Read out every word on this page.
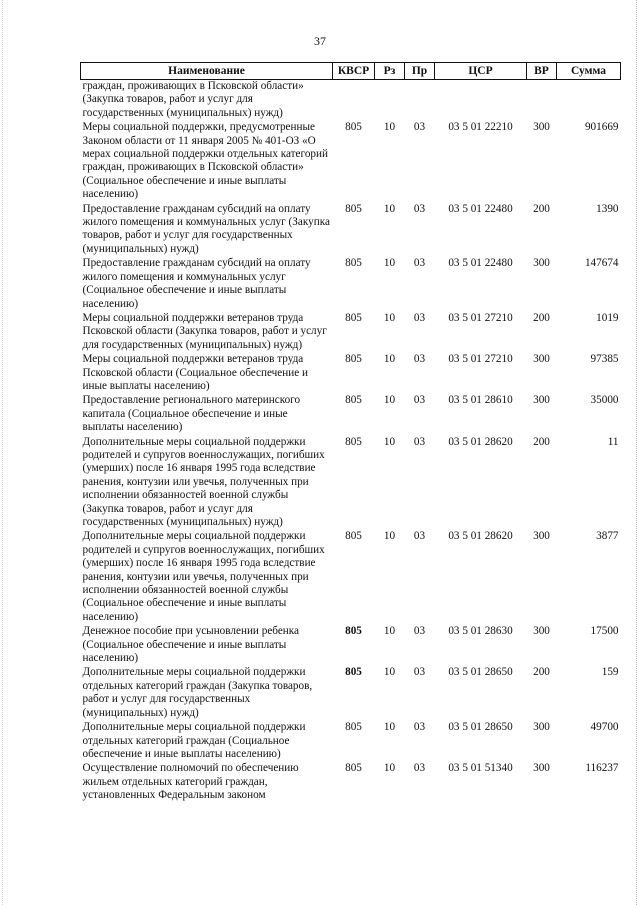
37
Наименование	КВСР	Рз	Пр	ЦСР	ВР	Сумма
граждан, проживающих в Псковской области» (Закупка товаров, работ и услуг для государственных (муниципальных) нужд)						
Меры социальной поддержки, предусмотренные Законом области от 11 января 2005 № 401-ОЗ «О мерах социальной поддержки отдельных категорий граждан, проживающих в Псковской области» (Социальное обеспечение и иные выплаты населению)	805	10	03	03 5 01 22210	300	901669
Предоставление гражданам субсидий на оплату жилого помещения и коммунальных услуг (Закупка товаров, работ и услуг для государственных (муниципальных) нужд)	805	10	03	03 5 01 22480	200	1390
Предоставление гражданам субсидий на оплату жилого помещения и коммунальных услуг (Социальное обеспечение и иные выплаты населению)	805	10	03	03 5 01 22480	300	147674
Меры социальной поддержки ветеранов труда Псковской области (Закупка товаров, работ и услуг для государственных (муниципальных) нужд)	805	10	03	03 5 01 27210	200	1019
Меры социальной поддержки ветеранов труда Псковской области (Социальное обеспечение и иные выплаты населению)	805	10	03	03 5 01 27210	300	97385
Предоставление регионального материнского капитала (Социальное обеспечение и иные выплаты населению)	805	10	03	03 5 01 28610	300	35000
Дополнительные меры социальной поддержки родителей и супругов военнослужащих, погибших (умерших) после 16 января 1995 года вследствие ранения, контузии или увечья, полученных при исполнении обязанностей военной службы (Закупка товаров, работ и услуг для государственных (муниципальных) нужд)	805	10	03	03 5 01 28620	200	11
Дополнительные меры социальной поддержки родителей и супругов военнослужащих, погибших (умерших) после 16 января 1995 года вследствие ранения, контузии или увечья, полученных при исполнении обязанностей военной службы (Социальное обеспечение и иные выплаты населению)	805	10	03	03 5 01 28620	300	3877
Денежное пособие при усыновлении ребенка (Социальное обеспечение и иные выплаты населению)	805	10	03	03 5 01 28630	300	17500
Дополнительные меры социальной поддержки отдельных категорий граждан (Закупка товаров, работ и услуг для государственных (муниципальных) нужд)	805	10	03	03 5 01 28650	200	159
Дополнительные меры социальной поддержки отдельных категорий граждан (Социальное обеспечение и иные выплаты населению)	805	10	03	03 5 01 28650	300	49700
Осуществление полномочий по обеспечению жильем отдельных категорий граждан, установленных Федеральным законом	805	10	03	03 5 01 51340	300	116237
